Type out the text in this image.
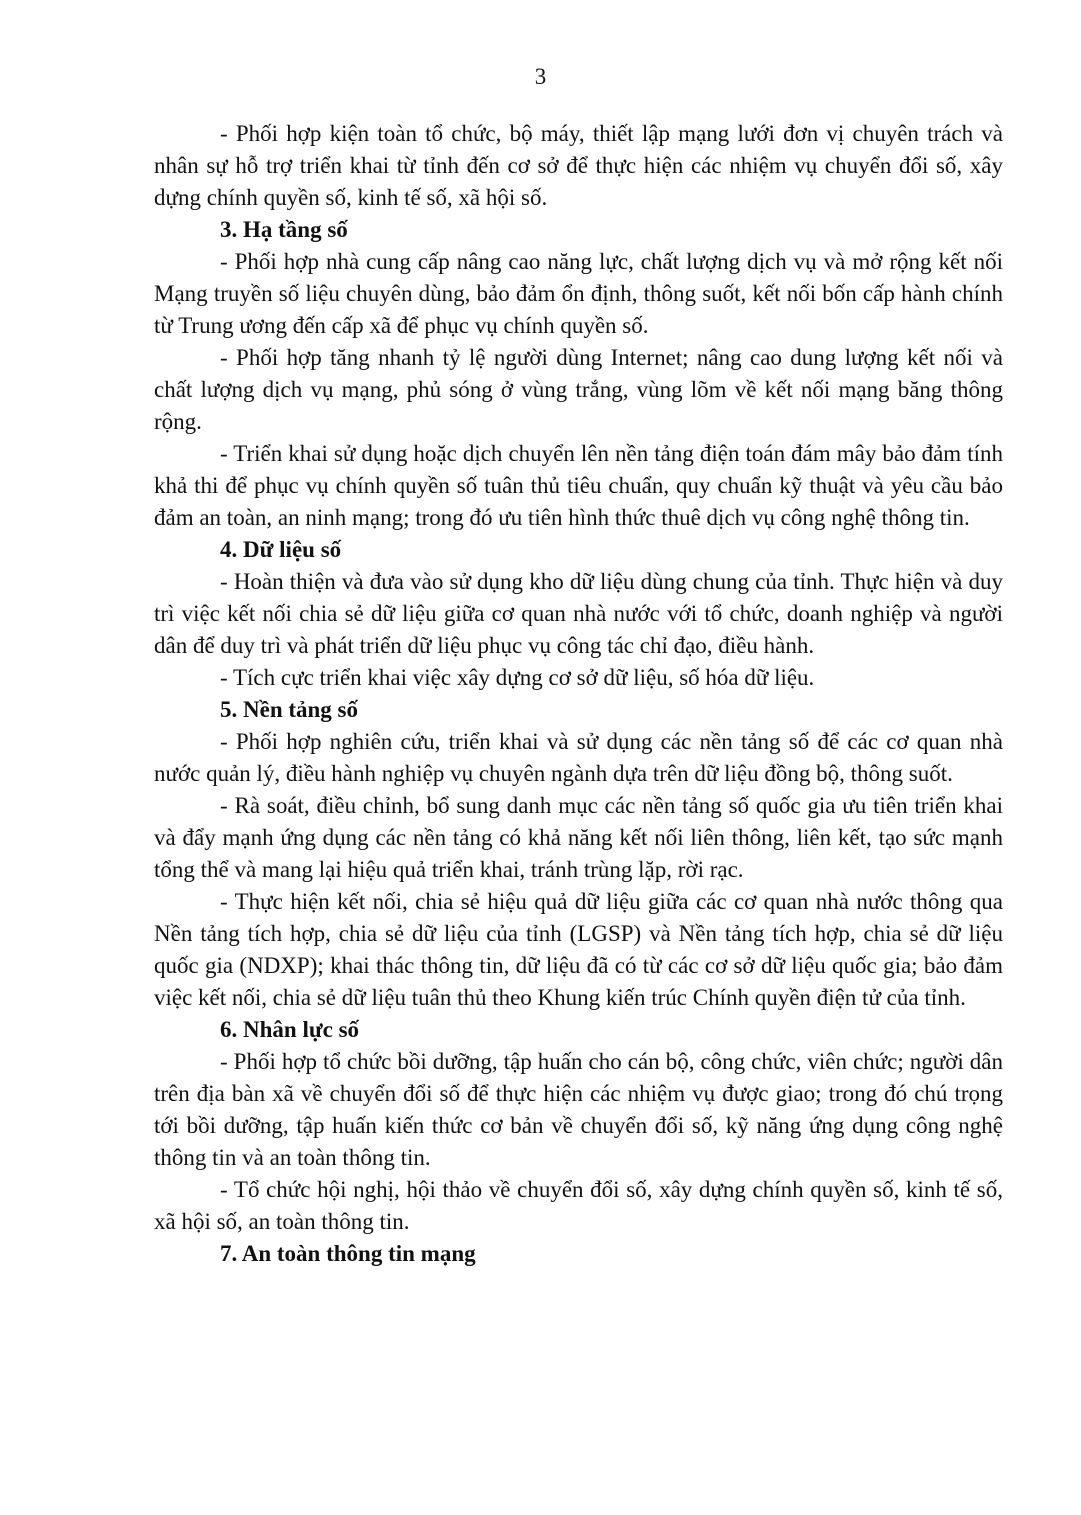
3

- Phối hợp kiện toàn tổ chức, bộ máy, thiết lập mạng lưới đơn vị chuyên trách và nhân sự hỗ trợ triển khai từ tỉnh đến cơ sở để thực hiện các nhiệm vụ chuyển đổi số, xây dựng chính quyền số, kinh tế số, xã hội số.

3. Hạ tầng số

- Phối hợp nhà cung cấp nâng cao năng lực, chất lượng dịch vụ và mở rộng kết nối Mạng truyền số liệu chuyên dùng, bảo đảm ổn định, thông suốt, kết nối bốn cấp hành chính từ Trung ương đến cấp xã để phục vụ chính quyền số.

- Phối hợp tăng nhanh tỷ lệ người dùng Internet; nâng cao dung lượng kết nối và chất lượng dịch vụ mạng, phủ sóng ở vùng trắng, vùng lõm về kết nối mạng băng thông rộng.

- Triển khai sử dụng hoặc dịch chuyển lên nền tảng điện toán đám mây bảo đảm tính khả thi để phục vụ chính quyền số tuân thủ tiêu chuẩn, quy chuẩn kỹ thuật và yêu cầu bảo đảm an toàn, an ninh mạng; trong đó ưu tiên hình thức thuê dịch vụ công nghệ thông tin.

4. Dữ liệu số

- Hoàn thiện và đưa vào sử dụng kho dữ liệu dùng chung của tỉnh. Thực hiện và duy trì việc kết nối chia sẻ dữ liệu giữa cơ quan nhà nước với tổ chức, doanh nghiệp và người dân để duy trì và phát triển dữ liệu phục vụ công tác chỉ đạo, điều hành.

- Tích cực triển khai việc xây dựng cơ sở dữ liệu, số hóa dữ liệu.

5. Nền tảng số

- Phối hợp nghiên cứu, triển khai và sử dụng các nền tảng số để các cơ quan nhà nước quản lý, điều hành nghiệp vụ chuyên ngành dựa trên dữ liệu đồng bộ, thông suốt.

- Rà soát, điều chỉnh, bổ sung danh mục các nền tảng số quốc gia ưu tiên triển khai và đẩy mạnh ứng dụng các nền tảng có khả năng kết nối liên thông, liên kết, tạo sức mạnh tổng thể và mang lại hiệu quả triển khai, tránh trùng lặp, rời rạc.

- Thực hiện kết nối, chia sẻ hiệu quả dữ liệu giữa các cơ quan nhà nước thông qua Nền tảng tích hợp, chia sẻ dữ liệu của tỉnh (LGSP) và Nền tảng tích hợp, chia sẻ dữ liệu quốc gia (NDXP); khai thác thông tin, dữ liệu đã có từ các cơ sở dữ liệu quốc gia; bảo đảm việc kết nối, chia sẻ dữ liệu tuân thủ theo Khung kiến trúc Chính quyền điện tử của tỉnh.

6. Nhân lực số

- Phối hợp tổ chức bồi dưỡng, tập huấn cho cán bộ, công chức, viên chức; người dân trên địa bàn xã về chuyển đổi số để thực hiện các nhiệm vụ được giao; trong đó chú trọng tới bồi dưỡng, tập huấn kiến thức cơ bản về chuyển đổi số, kỹ năng ứng dụng công nghệ thông tin và an toàn thông tin.

- Tổ chức hội nghị, hội thảo về chuyển đổi số, xây dựng chính quyền số, kinh tế số, xã hội số, an toàn thông tin.

7. An toàn thông tin mạng
